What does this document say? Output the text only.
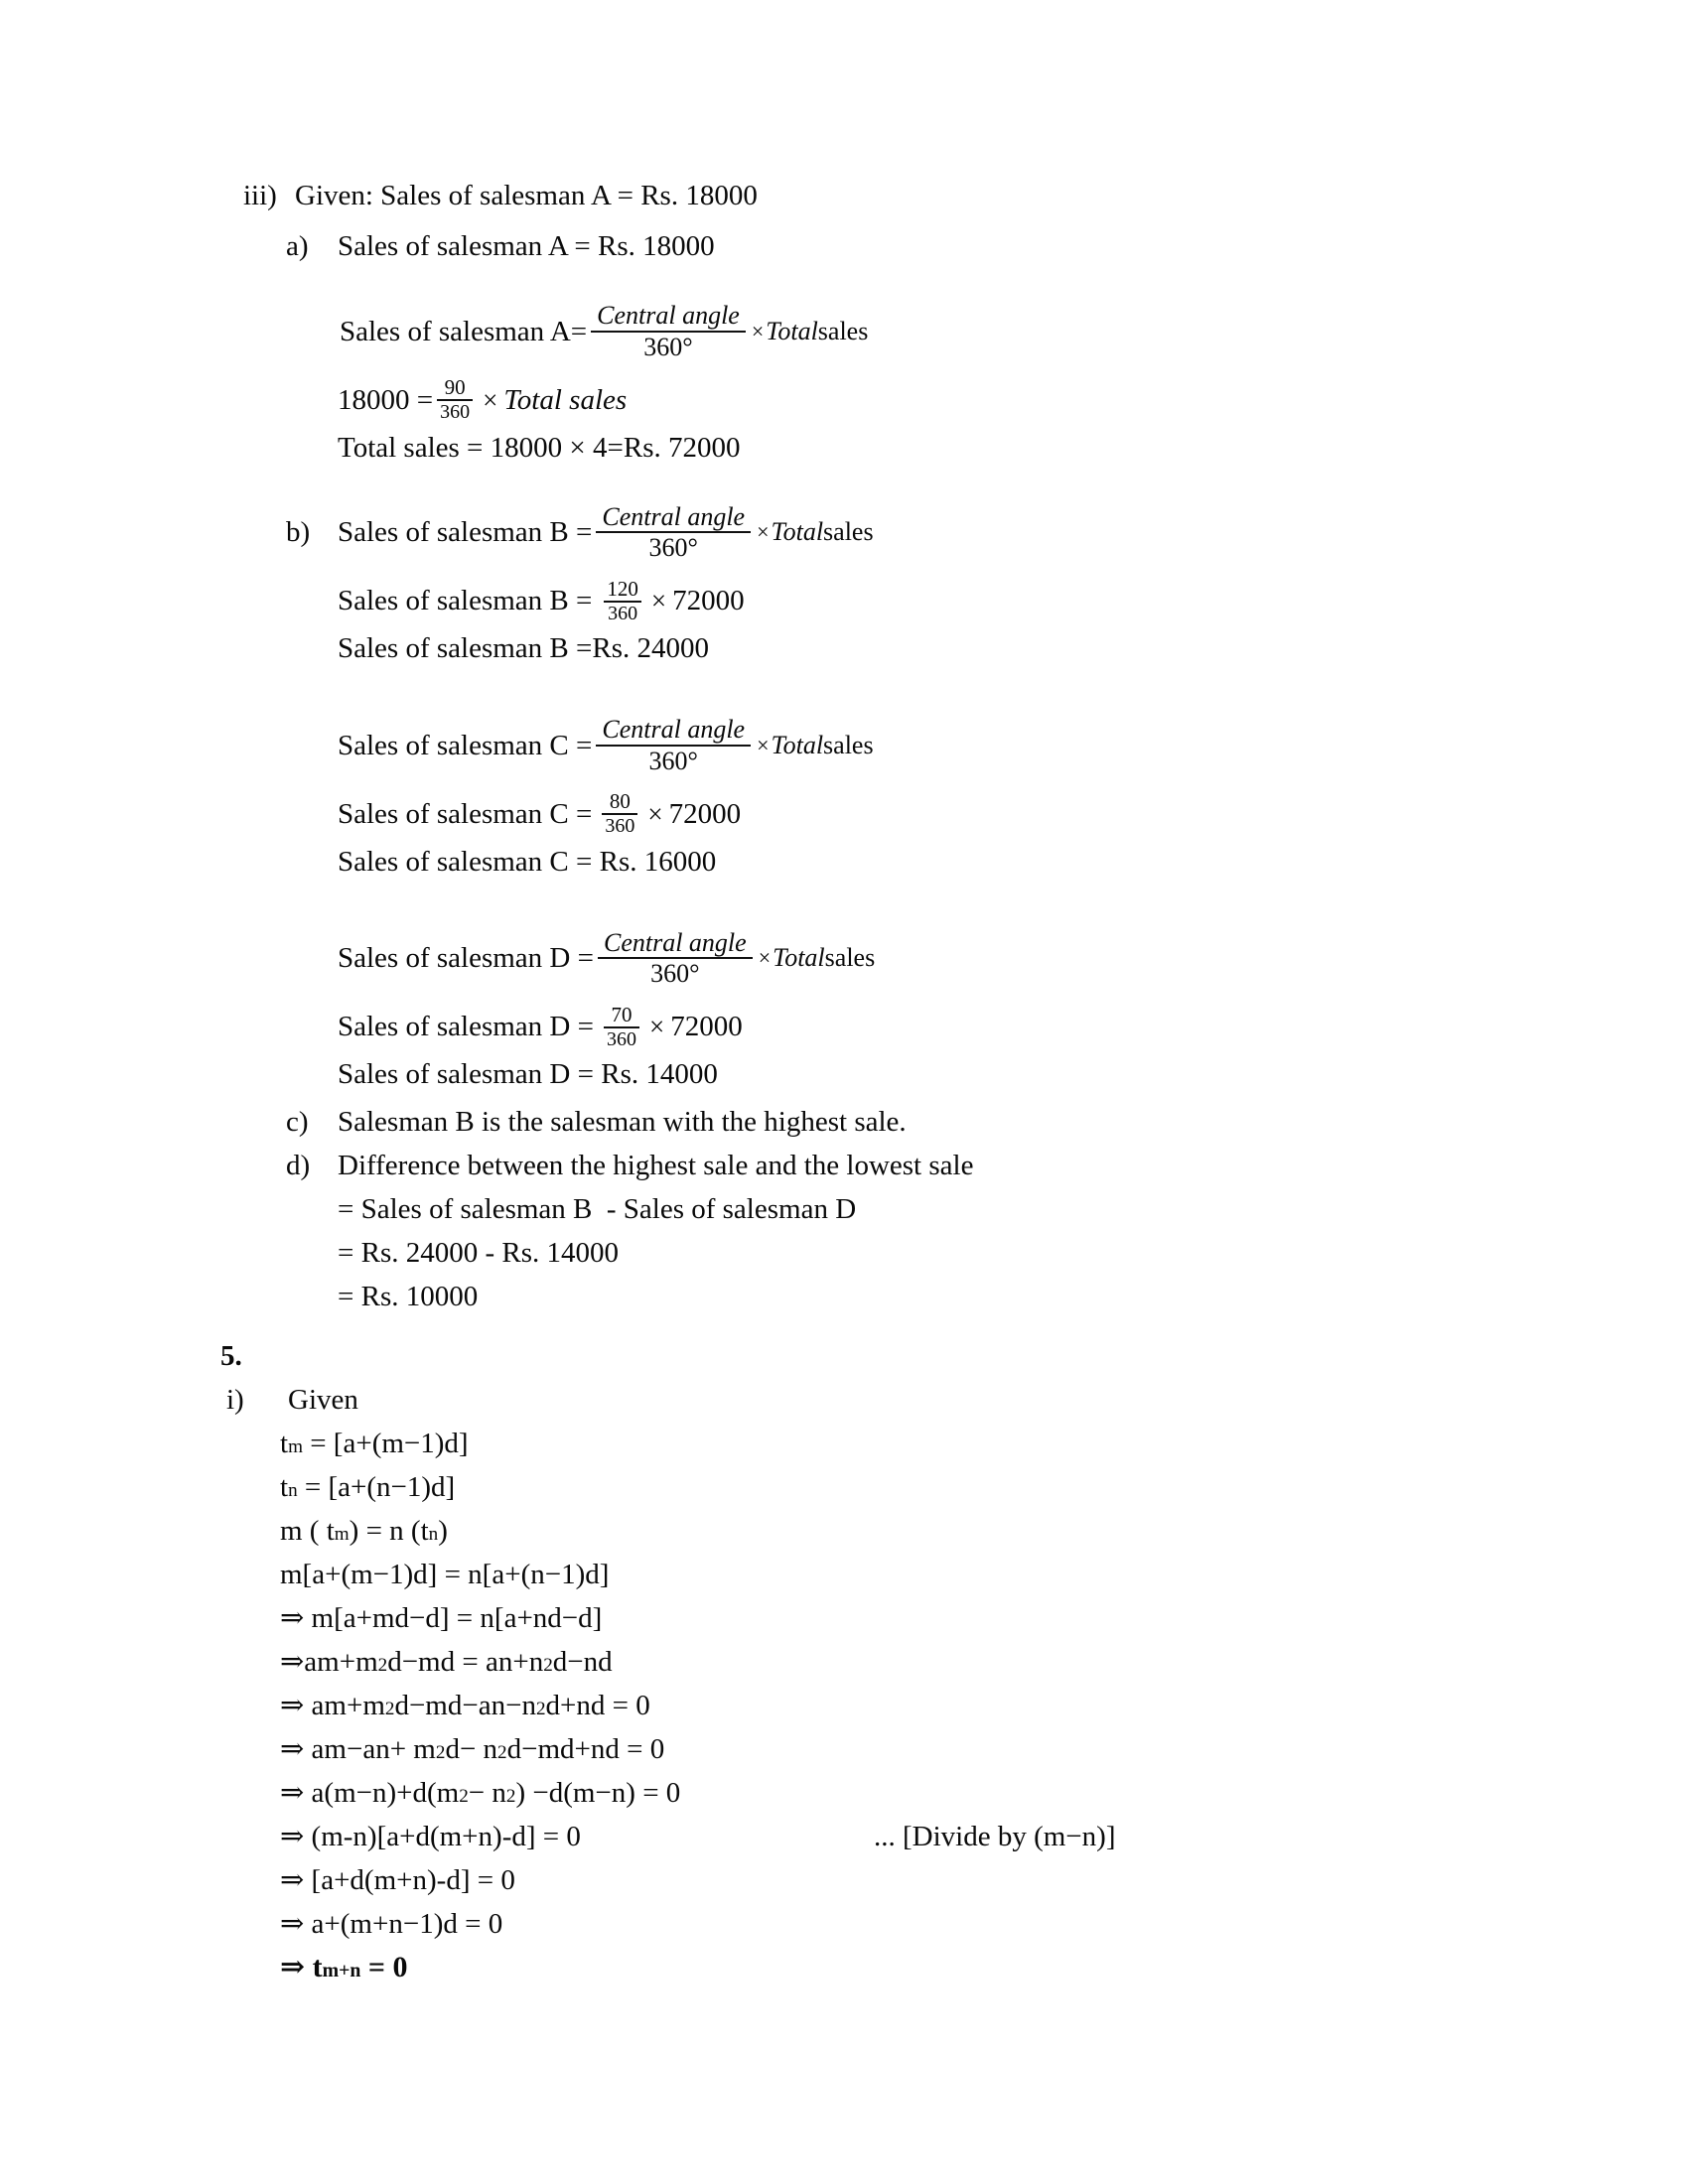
iii) Given: Sales of salesman A = Rs. 18000
a)	Sales of salesman A = Rs. 18000
Sales of salesman $A= \frac{\text{Central angle}}{360^\circ}$ × Total sales
$18000 = \frac{90}{360}$ × Total sales
Total sales = 18000 × 4=Rs. 72000
b) Sales of salesman $B = \frac{\text{Central angle}}{360^\circ}$ × Total sales
Sales of salesman $B = \frac{120}{360} \times 72000$
Sales of salesman B =Rs. 24000
Sales of salesman $C = \frac{\text{Central angle}}{360^\circ}$ × Total sales
Sales of salesman $C = \frac{80}{360} \times 72000$
Sales of salesman C = Rs. 16000
Sales of salesman $D = \frac{\text{Central angle}}{360^\circ}$ × Total sales
Sales of salesman $D = \frac{70}{360} \times 72000$
Sales of salesman D = Rs. 14000
c)	Salesman B is the salesman with the highest sale.
d) Difference between the highest sale and the lowest sale
= Sales of salesman B  - Sales of salesman D
= Rs. 24000 - Rs. 14000
= Rs. 10000
5.
i)	Given
t m = [a+(m−1)d]
t n = [a+(n−1)d]
m ( t m ) = n (t n )
m[a+(m−1)d] = n[a+(n−1)d]
⇒ m[a+md−d] = n[a+nd−d]
⇒am+m 2 d−md = an+n 2 d−nd
⇒ am+m 2 d−md−an−n 2 d+nd = 0
⇒ am−an+ m 2 d− n 2 d−md+nd = 0
⇒ a(m−n)+d(m 2 − n 2 ) −d(m−n) = 0
⇒ (m-n)[a+d(m+n)-d] = 0	... [Divide by (m−n)]
⇒ [a+d(m+n)-d] = 0
⇒ a+(m+n−1)d = 0
⇒ t m+n = 0
